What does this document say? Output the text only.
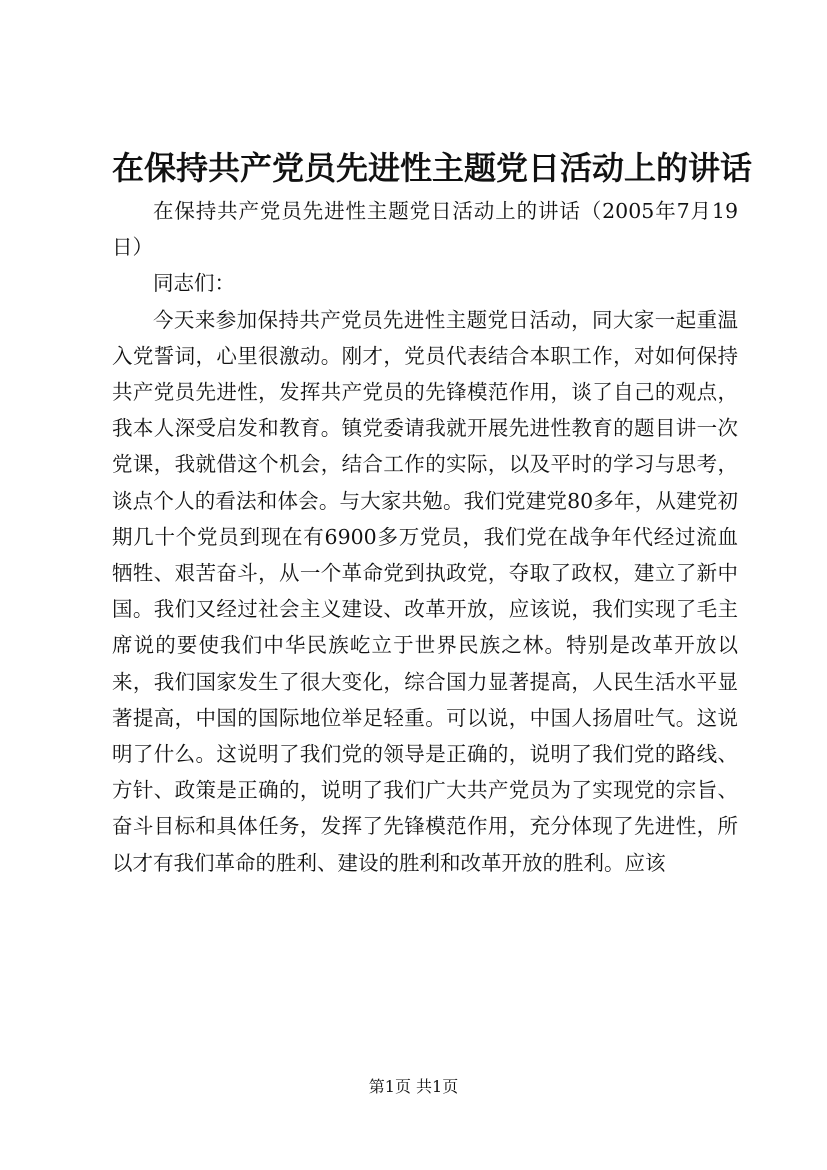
在保持共产党员先进性主题党日活动上的讲话

在保持共产党员先进性主题党日活动上的讲话（2005年7月19日）

同志们：

今天来参加保持共产党员先进性主题党日活动，同大家一起重温入党誓词，心里很激动。刚才，党员代表结合本职工作，对如何保持共产党员先进性，发挥共产党员的先锋模范作用，谈了自己的观点，我本人深受启发和教育。镇党委请我就开展先进性教育的题目讲一次党课，我就借这个机会，结合工作的实际，以及平时的学习与思考，谈点个人的看法和体会。与大家共勉。我们党建党80多年，从建党初期几十个党员到现在有6900多万党员，我们党在战争年代经过流血牺牲、艰苦奋斗，从一个革命党到执政党，夺取了政权，建立了新中国。我们又经过社会主义建设、改革开放，应该说，我们实现了毛主席说的要使我们中华民族屹立于世界民族之林。特别是改革开放以来，我们国家发生了很大变化，综合国力显著提高，人民生活水平显著提高，中国的国际地位举足轻重。可以说，中国人扬眉吐气。这说明了什么。这说明了我们党的领导是正确的，说明了我们党的路线、方针、政策是正确的，说明了我们广大共产党员为了实现党的宗旨、奋斗目标和具体任务，发挥了先锋模范作用，充分体现了先进性，所以才有我们革命的胜利、建设的胜利和改革开放的胜利。应该

第1页 共1页
